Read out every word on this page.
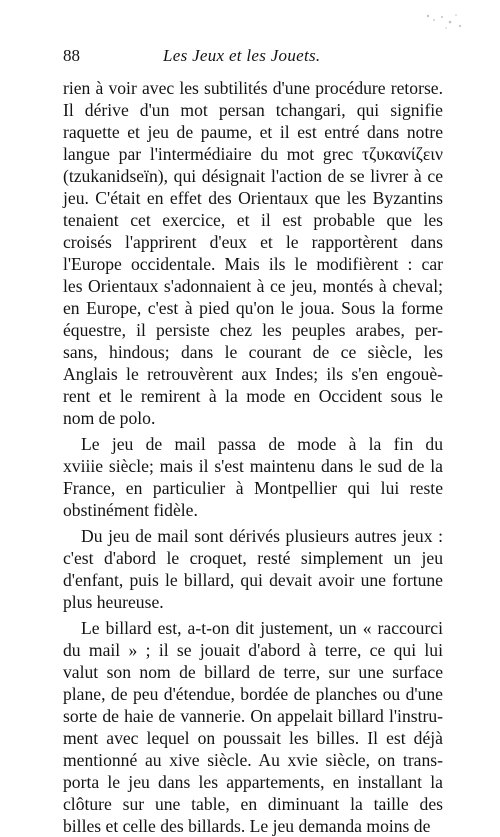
88	Les Jeux et les Jouets.
rien à voir avec les subtilités d'une procédure retorse.
Il dérive d'un mot persan tchangari, qui signifie
raquette et jeu de paume, et il est entré dans notre
langue par l'intermédiaire du mot grec τζυκανίζειν
(tzukanidseïn), qui désignait l'action de se livrer à ce
jeu. C'était en effet des Orientaux que les Byzantins
tenaient cet exercice, et il est probable que les
croisés l'apprirent d'eux et le rapportèrent dans
l'Europe occidentale. Mais ils le modifièrent : car
les Orientaux s'adonnaient à ce jeu, montés à cheval;
en Europe, c'est à pied qu'on le joua. Sous la forme
équestre, il persiste chez les peuples arabes, per-
sans, hindous; dans le courant de ce siècle, les
Anglais le retrouvèrent aux Indes; ils s'en engouè-
rent et le remirent à la mode en Occident sous le
nom de polo.
Le jeu de mail passa de mode à la fin du
xviiie siècle; mais il s'est maintenu dans le sud de la
France, en particulier à Montpellier qui lui reste
obstinément fidèle.
Du jeu de mail sont dérivés plusieurs autres jeux :
c'est d'abord le croquet, resté simplement un jeu
d'enfant, puis le billard, qui devait avoir une fortune
plus heureuse.
Le billard est, a-t-on dit justement, un « raccourci
du mail » ; il se jouait d'abord à terre, ce qui lui
valut son nom de billard de terre, sur une surface
plane, de peu d'étendue, bordée de planches ou d'une
sorte de haie de vannerie. On appelait billard l'instru-
ment avec lequel on poussait les billes. Il est déjà
mentionné au xive siècle. Au xvie siècle, on trans-
porta le jeu dans les appartements, en installant la
clôture sur une table, en diminuant la taille des
billes et celle des billards. Le jeu demanda moins de
